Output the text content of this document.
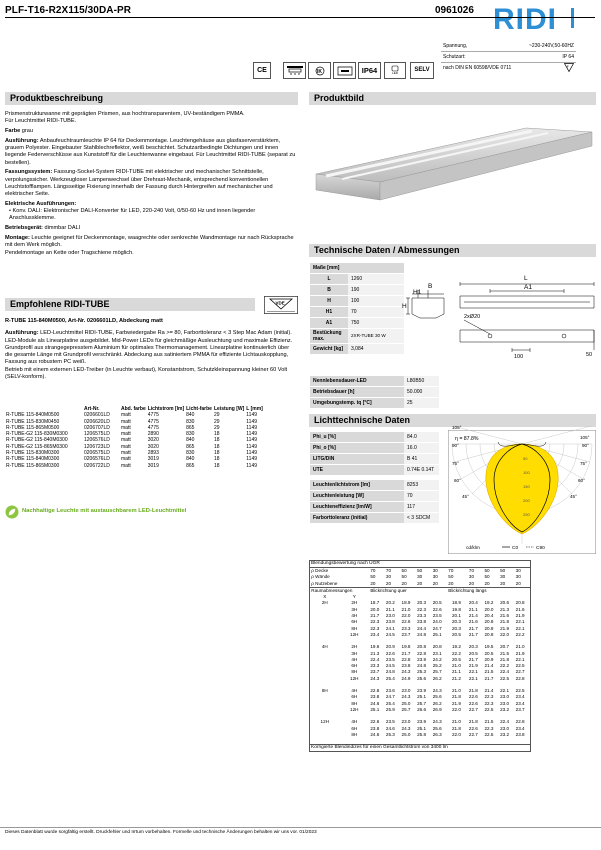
PLF-T16-R2X115/30DA-PR	0961026 RIDI
Spannung,	~230-240V,50-60HZ
Schutzart:	IP 64
nach DIN EN 60598/VDE 0711	F
CE	IK	IP64	LED
SELV
Produktbeschreibung	Produktbild

Prismenstrukturwanne mit geprägten Prismen, aus hochtransparentem, UV-beständigem PMMA.
Für Leuchtmittel RIDI-TUBE.

Farbe grau

Ausführung: Anbaufeuchtraumleuchte IP 64 für Deckenmontage. Leuchtengehäuse aus glasfaserverstärktem, grauem Polyester. Eingebauter Stahlblechreflektor, weiß beschichtet. Schutzartbedingte Dichtungen und innen liegende Federverschlüsse aus Kunststoff für die Leuchtenwanne eingebaut. Für Leuchtmittel RIDI-TUBE (separat zu bestellen).

Fassungssystem: Fassung-Sockel-System RIDI-TUBE mit elektrischer und mechanischer Schnittstelle, verpolungssicher. Werkzeugloser Lampenwechsel über Drehrast-Mechanik, entsprechend konventionellen Leuchtstofflampen. Längsseitige Fixierung innerhalb der Fassung durch Hintergreifen auf mechanischer und elektrischer Seite.

Elektrische Ausführungen:

• Konv. DALI: Elektronischer DALI-Konverter für LED, 220-240 Volt, 0/50-60 Hz und innen liegender Anschlussklemme.

Betriebsgerät: dimmbar DALI

Montage: Leuchte geeignet für Deckenmontage, waagrechte oder senkrechte Wandmontage nur nach Rücksprache mit dem Werk möglich.
Pendelmontage an Kette oder Tragschiene möglich.	Technische Daten / Abmessungen
Maße [mm]	
L	1260
B	190
H	100
H1	70
A1	750
Bestückung max.	2XR-TUBE 30 W
Gewicht [kg]	3,084
L
A1
B
H
H1
2xØ20
100	50
Nennlebensdauer-LED	L80B50
Betriebsdauer [h]	50.000
Umgebungstemp. tq [°C]	25
Lichttechnische Daten
Phi_u [%]	84.0
Phi_o [%]	16.0
LITG/DIN	B 41
UTE	0.74E 0.14T

Leuchtenlichtstrom [lm]	8253
Leuchtenleistung [W]	70
Leuchteneffizienz [lm/W]	117
Farborttoleranz (initial)	< 3 SDCM
η = 87.8%
105°
90°
75°
60°
45°
105°
90°
75°
60°
45°
50
100
150
200
250
cd/klm	C0	C90
Empfohlene RIDI-TUBE	VDE

R-TUBE 115-840M0500, Art-Nr. 0206601LD, Abdeckung matt

Ausführung: LED-Leuchtmittel RIDI-TUBE, Farbwiedergabe Ra >= 80, Farborttoleranz < 3 Step Mac Adam (initial). LED-Module als Linearplatine ausgebildet. Mid-Power LEDs für gleichmäßige Ausleuchtung und maximale Effizienz. Grundprofil aus strangegepresstem Aluminium für optimales Thermomanagement. Linearplatine kontinuierlich über die gesamte Länge mit Grundprofil verschränkt. Abdeckung aus satiniertem PMMA für effiziente Lichtauskopplung, Fassung aus robustem PC weiß.

Betrieb mit einem externen LED-Treiber (in Leuchte verbaut), Konstantstrom, Schutzkleinspannung kleiner 60 Volt (SELV-konform).

	Art-Nr.	Abd. farbe	Lichtstrom [lm]	Licht-farbe	Leistung [W]	L [mm]
R-TUBE 115-840M0500	0206601LD	matt	4775	840	29	1149
R-TUBE 115-830M0450	0206620LD	matt	4775	830	29	1149
R-TUBE 115-865M0500	0206707LD	matt	4775	865	29	1149
R-TUBE-G2 115-830M0300	1206575LD	matt	2890	830	18	1149
R-TUBE-G2 115-840M0300	1206576LD	matt	3020	840	18	1149
R-TUBE-G2 115-865M0300	1206723LD	matt	3020	865	18	1149
R-TUBE 115-830M0300	0206575LD	matt	2893	830	18	1149
R-TUBE 115-840M0300	0206576LD	matt	3019	840	18	1149
R-TUBE 115-865M0300	0206722LD	matt	3019	865	18	1149
Nachhaltige Leuchte mit austauschbarem LED-Leuchtmittel
Blendungsbewertung nach UGR
ρ Decke		70	70	50	50	30	70	70	50	50	30
ρ Wände		50	30	50	30	30	50	30	50	30	30
ρ Nutzebene		20	20	20	20	20	20	20	20	20	20
Raumabmessungen		Blickrichtung quer					Blickrichtung längs				
X	Y										
2H	2H	18.7	20.2	18.9	20.3	20.5	18.9	20.4	19.2	20.6	20.8
	3H	20.0	21.1	21.0	22.3	22.6	19.8	21.1	20.0	21.3	21.6
	4H	21.7	23.0	22.0	23.3	23.5	20.1	21.4	20.4	21.6	21.9
	6H	22.3	23.8	22.6	23.8	24.0	20.3	21.6	20.8	21.8	22.1
	8H	22.3	24.1	23.3	24.4	24.7	20.3	21.7	20.8	21.9	22.1
	12H	23.4	24.5	23.7	24.8	25.1	20.5	21.7	20.8	22.0	22.2

4H	2H	19.6	20.9	19.8	20.8	20.8	19.2	20.3	19.5	20.7	21.0
	3H	21.3	22.6	21.7	22.8	23.1	22.2	20.5	20.5	21.5	21.9
	4H	22.4	23.5	22.8	23.9	24.2	20.5	21.7	20.9	21.8	22.1
	6H	23.3	24.5	23.8	24.8	25.2	21.0	21.9	21.4	22.2	22.5
	8H	23.7	24.8	24.3	25.3	25.7	21.1	22.1	21.5	22.4	22.7
	12H	24.3	25.4	24.9	25.6	26.2	21.2	22.1	21.7	22.5	22.8

8H	4H	22.8	23.6	23.0	23.9	24.3	21.0	21.8	21.4	22.1	22.5
	6H	23.8	24.7	24.3	25.1	25.6	21.8	22.6	22.3	23.0	23.4
	8H	24.6	25.4	25.0	25.7	26.2	21.9	22.6	22.3	23.0	23.4
	12H	25.1	25.9	25.7	26.6	26.9	22.0	22.7	22.5	23.2	23.7

12H	4H	22.6	23.5	23.0	23.9	24.3	21.0	21.8	21.5	22.4	22.8
	6H	23.8	24.6	24.3	25.1	25.6	21.8	22.6	22.3	23.0	23.4
	8H	24.6	25.3	25.0	25.8	26.3	22.0	22.7	22.5	23.2	23.8

Korrigierte Blendindizes für einen Gesamtlichtstrom von 3400 lm
Dieses Datenblatt wurde sorgfältig erstellt. Druckfehler und Irrtum vorbehalten. Formelle und technische Änderungen behalten wir uns vor. 01/2023
